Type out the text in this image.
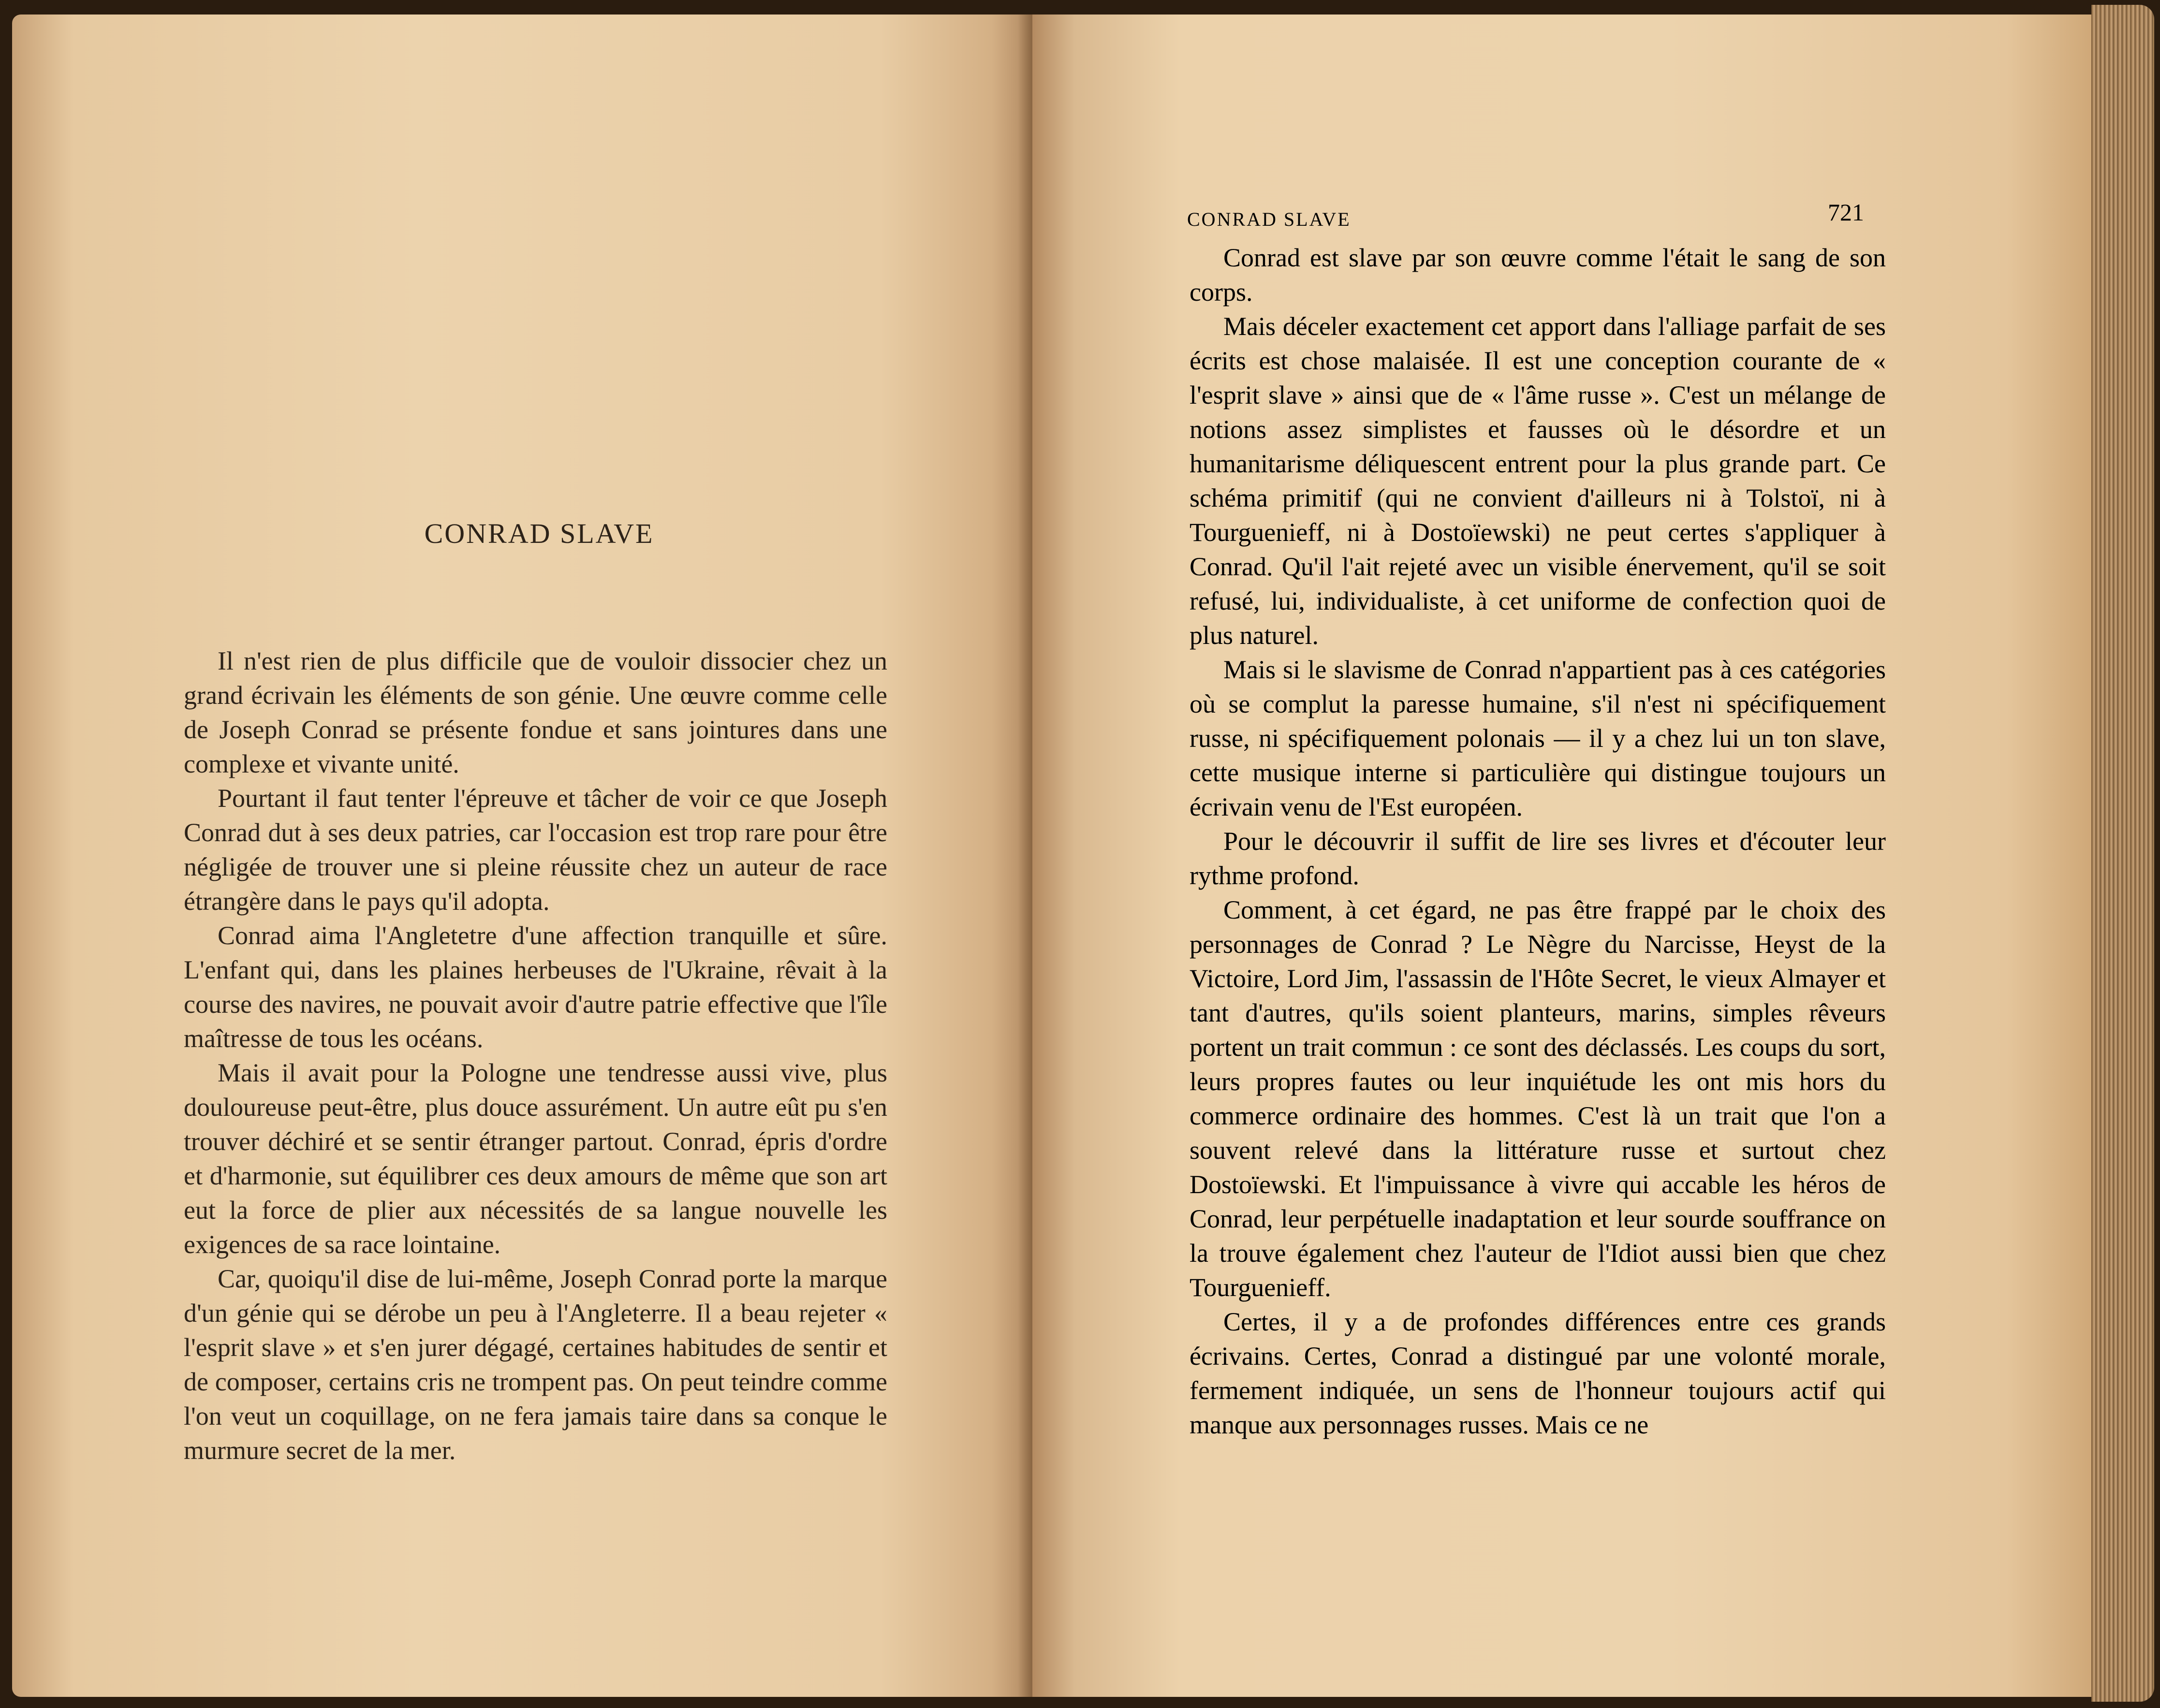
CONRAD SLAVE

Il n'est rien de plus difficile que de vouloir dissocier chez un grand écrivain les éléments de son génie. Une œuvre comme celle de Joseph Conrad se présente fondue et sans jointures dans une complexe et vivante unité.

Pourtant il faut tenter l'épreuve et tâcher de voir ce que Joseph Conrad dut à ses deux patries, car l'occasion est trop rare pour être négligée de trouver une si pleine réussite chez un auteur de race étrangère dans le pays qu'il adopta.

Conrad aima l'Angletetre d'une affection tranquille et sûre. L'enfant qui, dans les plaines herbeuses de l'Ukraine, rêvait à la course des navires, ne pouvait avoir d'autre patrie effective que l'île maîtresse de tous les océans.

Mais il avait pour la Pologne une tendresse aussi vive, plus douloureuse peut-être, plus douce assurément. Un autre eût pu s'en trouver déchiré et se sentir étranger partout. Conrad, épris d'ordre et d'harmonie, sut équilibrer ces deux amours de même que son art eut la force de plier aux nécessités de sa langue nouvelle les exigences de sa race lointaine.

Car, quoiqu'il dise de lui-même, Joseph Conrad porte la marque d'un génie qui se dérobe un peu à l'Angleterre. Il a beau rejeter « l'esprit slave » et s'en jurer dégagé, certaines habitudes de sentir et de composer, certains cris ne trompent pas. On peut teindre comme l'on veut un coquillage, on ne fera jamais taire dans sa conque le murmure secret de la mer.

CONRAD SLAVE	721

Conrad est slave par son œuvre comme l'était le sang de son corps.

Mais déceler exactement cet apport dans l'alliage parfait de ses écrits est chose malaisée. Il est une conception courante de « l'esprit slave » ainsi que de « l'âme russe ». C'est un mélange de notions assez simplistes et fausses où le désordre et un humanitarisme déliquescent entrent pour la plus grande part. Ce schéma primitif (qui ne convient d'ailleurs ni à Tolstoï, ni à Tourguenieff, ni à Dostoïewski) ne peut certes s'appliquer à Conrad. Qu'il l'ait rejeté avec un visible énervement, qu'il se soit refusé, lui, individualiste, à cet uniforme de confection quoi de plus naturel.

Mais si le slavisme de Conrad n'appartient pas à ces catégories où se complut la paresse humaine, s'il n'est ni spécifiquement russe, ni spécifiquement polonais — il y a chez lui un ton slave, cette musique interne si particulière qui distingue toujours un écrivain venu de l'Est européen.

Pour le découvrir il suffit de lire ses livres et d'écouter leur rythme profond.

Comment, à cet égard, ne pas être frappé par le choix des personnages de Conrad ? Le Nègre du Narcisse, Heyst de la Victoire, Lord Jim, l'assassin de l'Hôte Secret, le vieux Almayer et tant d'autres, qu'ils soient planteurs, marins, simples rêveurs portent un trait commun : ce sont des déclassés. Les coups du sort, leurs propres fautes ou leur inquiétude les ont mis hors du commerce ordinaire des hommes. C'est là un trait que l'on a souvent relevé dans la littérature russe et surtout chez Dostoïewski. Et l'impuissance à vivre qui accable les héros de Conrad, leur perpétuelle inadaptation et leur sourde souffrance on la trouve également chez l'auteur de l'Idiot aussi bien que chez Tourguenieff.

Certes, il y a de profondes différences entre ces grands écrivains. Certes, Conrad a distingué par une volonté morale, fermement indiquée, un sens de l'honneur toujours actif qui manque aux personnages russes. Mais ce ne
